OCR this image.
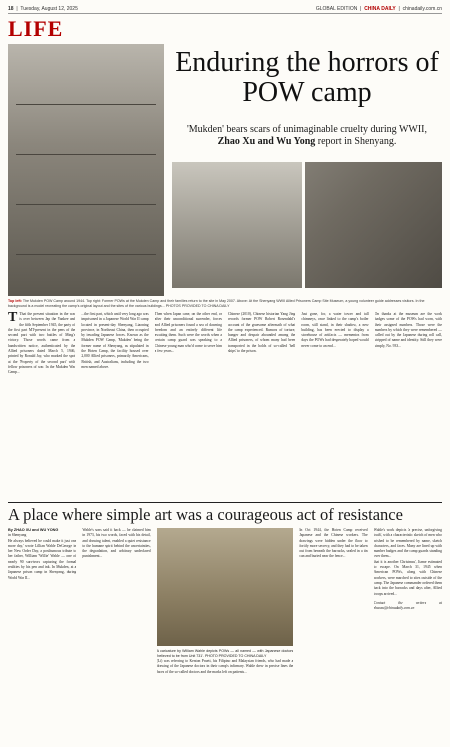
18  |  Tuesday, August 12, 2025	GLOBAL EDITION  |  CHINA DAILY  |  chinadaily.com.cn
LIFE
Enduring the horrors of POW camp
'Mukden' bears scars of unimaginable cruelty during WWII, Zhao Xu and Wu Yong report in Shenyang.
Top left: The Mukden POW Camp around 1944. Top right: Former POWs at the Mukden Camp and their families return to the site in May 2007. Above: At the Shenyang WWII Allied Prisoners Camp Site Museum, a young volunteer guide addresses visitors. In the background is a model recreating the camp's original layout and the sites of the various buildings... PHOTOS PROVIDED TO CHINA DAILY
T That the present situation in the war is over between Jap the Yankee and the fifth September 1945, the party of the first part MT-present in the pens of the second part with two battles of Ming's victory. Those words came from a handwritten notice, authenticated by the Allied prisoners dated March 5, 1946, printed by Ronald Jay, who marked the spot at the 'Property of the second part' with fellow prisoners of war. In the Mukden War Camp...
...the first part, which until very long ago was imprisoned in a Japanese World War II camp located in present-day Shenyang, Liaoning province, in Northeast China, then occupied by invading Japanese forces. Known as the Mukden POW Camp, 'Mukden' being the former name of Shenyang, as stipulated in the Hoten Camp, the facility housed over 2,000 Allied prisoners, primarily Americans, British, and Australians, including the two men named above.
Then when Japan cane, on the other end, or after their unconditional surrender, forces and Allied prisoners found a sea of dawning freedom and an entirely different life awaiting them. Such were the words when a certain camp guard was speaking to a Chinese young man who'd come to serve him a few years...
Chinese (2010), Chinese historian Yang Jing records former POW Robert Rosendahl's account of the gruesome aftermath of what the camp experienced. Rumors of torture, hunger and despair abounded among the Allied prisoners, of whom many had been transported in the holds of so-called 'hell ships' to the prison.
Just gone, for, a water tower and tall chimneys, once linked to the camp's boiler room, still stand, in their shadow, a new building, has been erected to display a storehouse of artifacts — mementos from days the POWs had desperately hoped would never come to an end...
On thanks at the museum are the work badges some of the POWs had worn, with their assigned numbers. Those were the numbers by which they were remembered — called out by the Japanese during roll call, stripped of name and identity. Still they were simply, No. 933...
A place where simple art was a courageous act of resistance
By ZHAO XU and WU YONG
in Shenyang
He always believed he could make it just one more day,' wrote Lillian Wahle DeGeorge in her New Order Day, a posthumous tribute to her father, William 'Willie' Wahle — one of nearly 90 survivors capturing the formal realities by his pen and ink. In Mukden, at a Japanese prison camp in Shenyang, during World War II...
Wahle's sons said it back — he claimed him in 1973, his two words, faced with his detail, and drawing talent, enabled a quiet resistance to the humane spirit behind the uncertainties, the degradation, and arbitrary undeclared punishment...
A caricature by William Wahle depicts POWs — all named — with Japanese doctors 'believed to be from Unit 731'. PHOTO PROVIDED TO CHINA DAILY
(Li) was referring to Kenton Pruett, his Filipino and Malaysian friends, who had made a drawing of the Japanese doctors in their camp's infirmary. Wahle drew in precise lines the faces of the so-called doctors and the marks left on patients...
In Oct 1944, the Hoten Camp received Japanese and the Chinese workers. The drawings were hidden under the floor to fortify more secrecy, and they had to be taken out from beneath the barracks, sealed in a tin can and buried near the fence...
Wahle's work depicts 'a precise, unforgiving truth', with a characteristic sketch of men who wished to be remembered by name, sketch characters, and faces. Many are lined up with number badges and the camp guards standing over them...
that it is another Christmas', Jiame estimated to escape. On March 31, 1945 when American POWs, along with Chinese workers, were marched to sites outside of the camp. The Japanese commander ordered them back into the barracks and days after, Allied troops arrived...
Contact the writers at zhaoxu@chinadaily.com.cn
